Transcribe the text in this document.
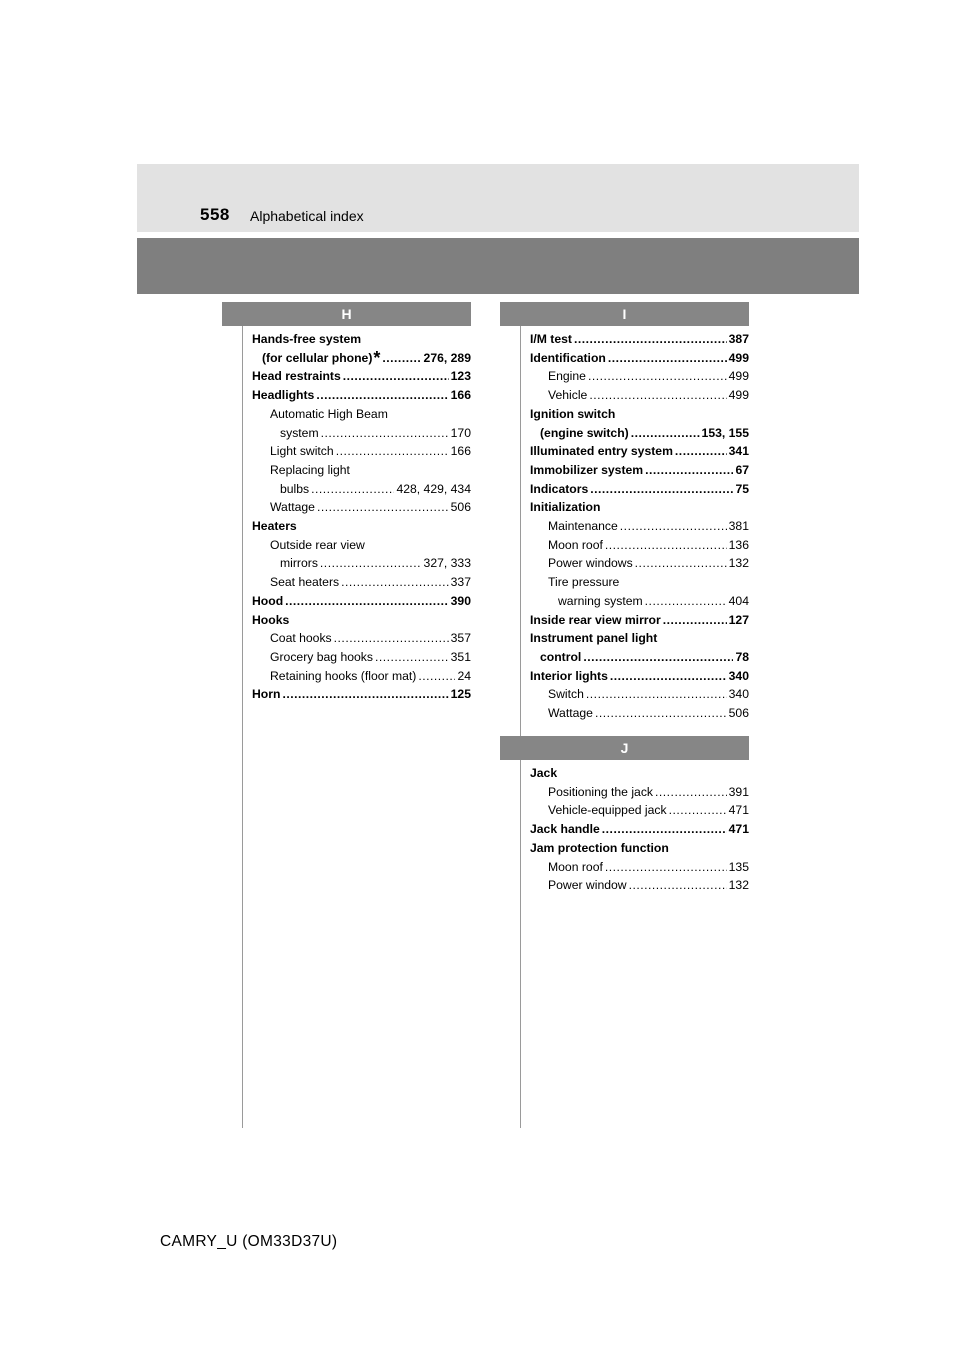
558 Alphabetical index
H
Hands-free system
(for cellular phone)* .....	276, 289
Head restraints .....	123
Headlights .....	166
Automatic High Beam
system .....	170
Light switch .....	166
Replacing light
bulbs .....	428, 429, 434
Wattage .....	506
Heaters
Outside rear view
mirrors .....	327, 333
Seat heaters .....	337
Hood .....	390
Hooks
Coat hooks .....	357
Grocery bag hooks .....	351
Retaining hooks (floor mat) .....	24
Horn .....	125
I
I/M test .....	387
Identification .....	499
Engine .....	499
Vehicle .....	499
Ignition switch
(engine switch) .....	153, 155
Illuminated entry system .....	341
Immobilizer system .....	67
Indicators .....	75
Initialization
Maintenance .....	381
Moon roof .....	136
Power windows .....	132
Tire pressure
warning system .....	404
Inside rear view mirror .....	127
Instrument panel light
control .....	78
Interior lights .....	340
Switch .....	340
Wattage .....	506
J
Jack
Positioning the jack .....	391
Vehicle-equipped jack .....	471
Jack handle .....	471
Jam protection function
Moon roof .....	135
Power window .....	132
CAMRY_U (OM33D37U)
